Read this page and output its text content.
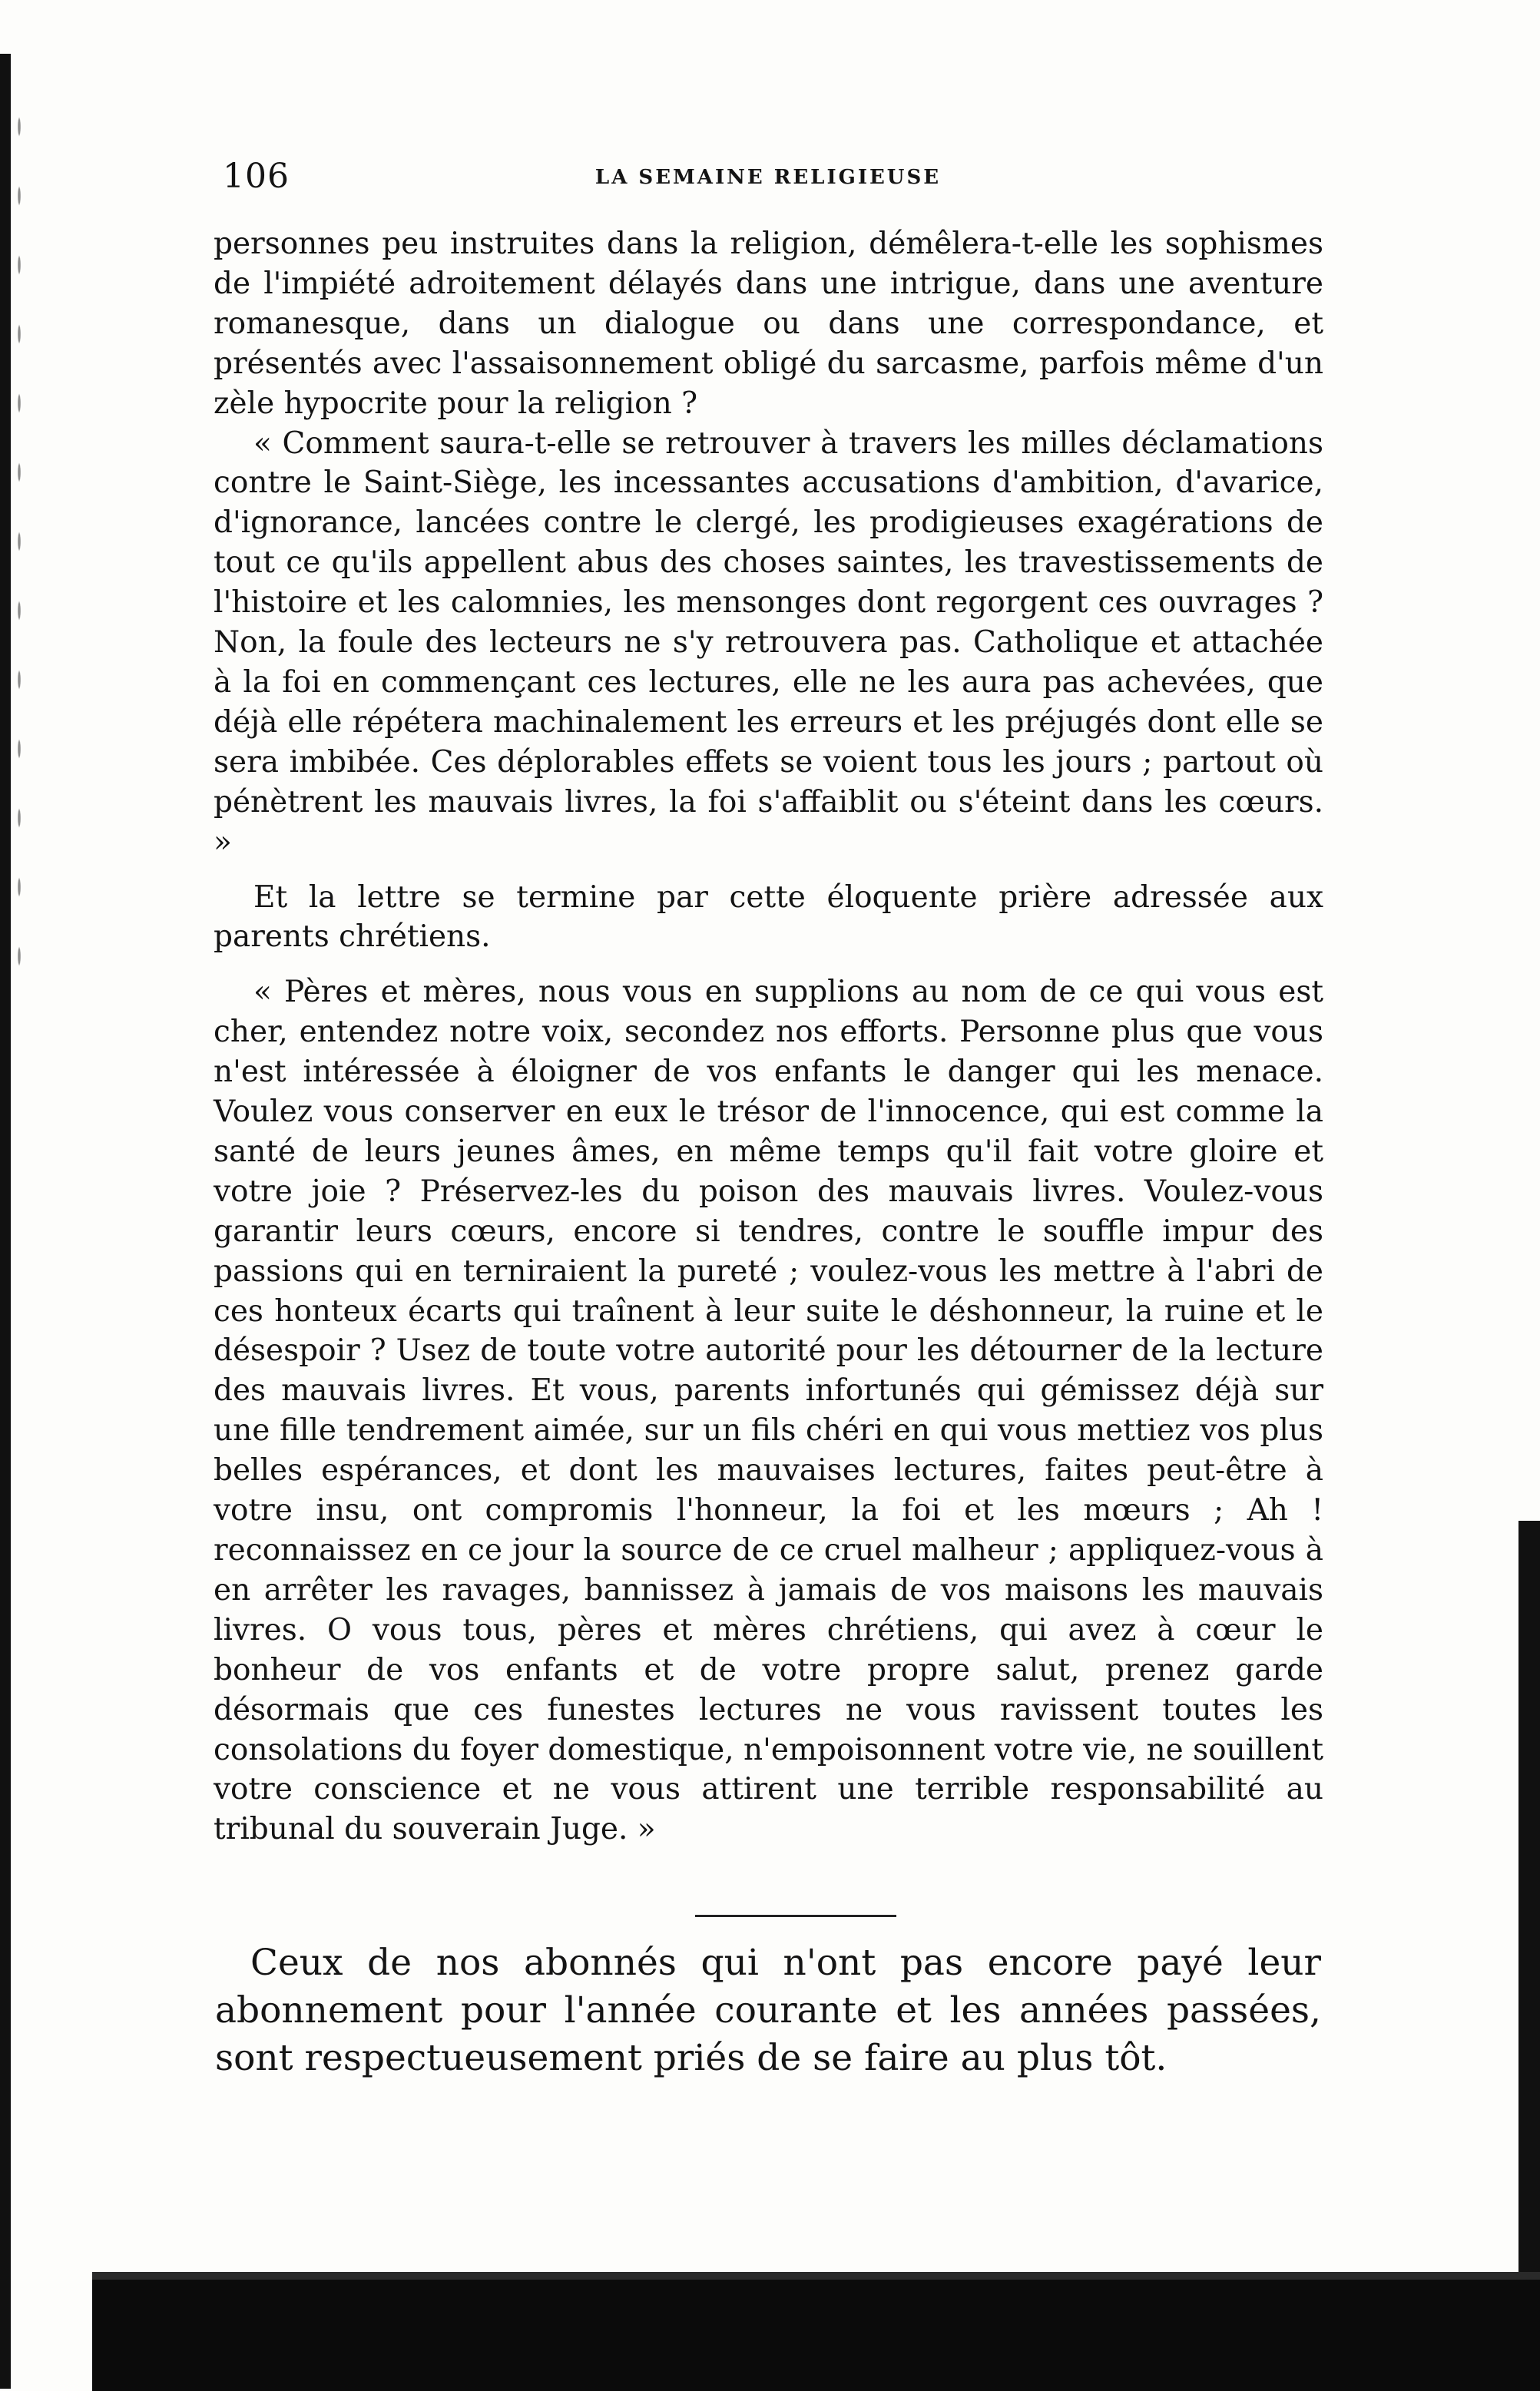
106	LA SEMAINE RELIGIEUSE

personnes peu instruites dans la religion, démêlera-t-elle les sophismes de l'impiété adroitement délayés dans une intrigue, dans une aventure romanesque, dans un dialogue ou dans une correspondance, et présentés avec l'assaisonnement obligé du sarcasme, parfois même d'un zèle hypocrite pour la religion ?

« Comment saura-t-elle se retrouver à travers les milles déclamations contre le Saint-Siège, les incessantes accusations d'ambition, d'avarice, d'ignorance, lancées contre le clergé, les prodigieuses exagérations de tout ce qu'ils appellent abus des choses saintes, les travestissements de l'histoire et les calomnies, les mensonges dont regorgent ces ouvrages ? Non, la foule des lecteurs ne s'y retrouvera pas. Catholique et attachée à la foi en commençant ces lectures, elle ne les aura pas achevées, que déjà elle répétera machinalement les erreurs et les préjugés dont elle se sera imbibée. Ces déplorables effets se voient tous les jours ; partout où pénètrent les mauvais livres, la foi s'affaiblit ou s'éteint dans les cœurs. »

Et la lettre se termine par cette éloquente prière adressée aux parents chrétiens.

« Pères et mères, nous vous en supplions au nom de ce qui vous est cher, entendez notre voix, secondez nos efforts. Personne plus que vous n'est intéressée à éloigner de vos enfants le danger qui les menace. Voulez vous conserver en eux le trésor de l'innocence, qui est comme la santé de leurs jeunes âmes, en même temps qu'il fait votre gloire et votre joie ? Préservez-les du poison des mauvais livres. Voulez-vous garantir leurs cœurs, encore si tendres, contre le souffle impur des passions qui en terniraient la pureté ; voulez-vous les mettre à l'abri de ces honteux écarts qui traînent à leur suite le déshonneur, la ruine et le désespoir ? Usez de toute votre autorité pour les détourner de la lecture des mauvais livres. Et vous, parents infortunés qui gémissez déjà sur une fille tendrement aimée, sur un fils chéri en qui vous mettiez vos plus belles espérances, et dont les mauvaises lectures, faites peut-être à votre insu, ont compromis l'honneur, la foi et les mœurs ; Ah ! reconnaissez en ce jour la source de ce cruel malheur ; appliquez-vous à en arrêter les ravages, bannissez à jamais de vos maisons les mauvais livres. O vous tous, pères et mères chrétiens, qui avez à cœur le bonheur de vos enfants et de votre propre salut, prenez garde désormais que ces funestes lectures ne vous ravissent toutes les consolations du foyer domestique, n'empoisonnent votre vie, ne souillent votre conscience et ne vous attirent une terrible responsabilité au tribunal du souverain Juge. »

Ceux de nos abonnés qui n'ont pas encore payé leur abonnement pour l'année courante et les années passées, sont respectueusement priés de se faire au plus tôt.
